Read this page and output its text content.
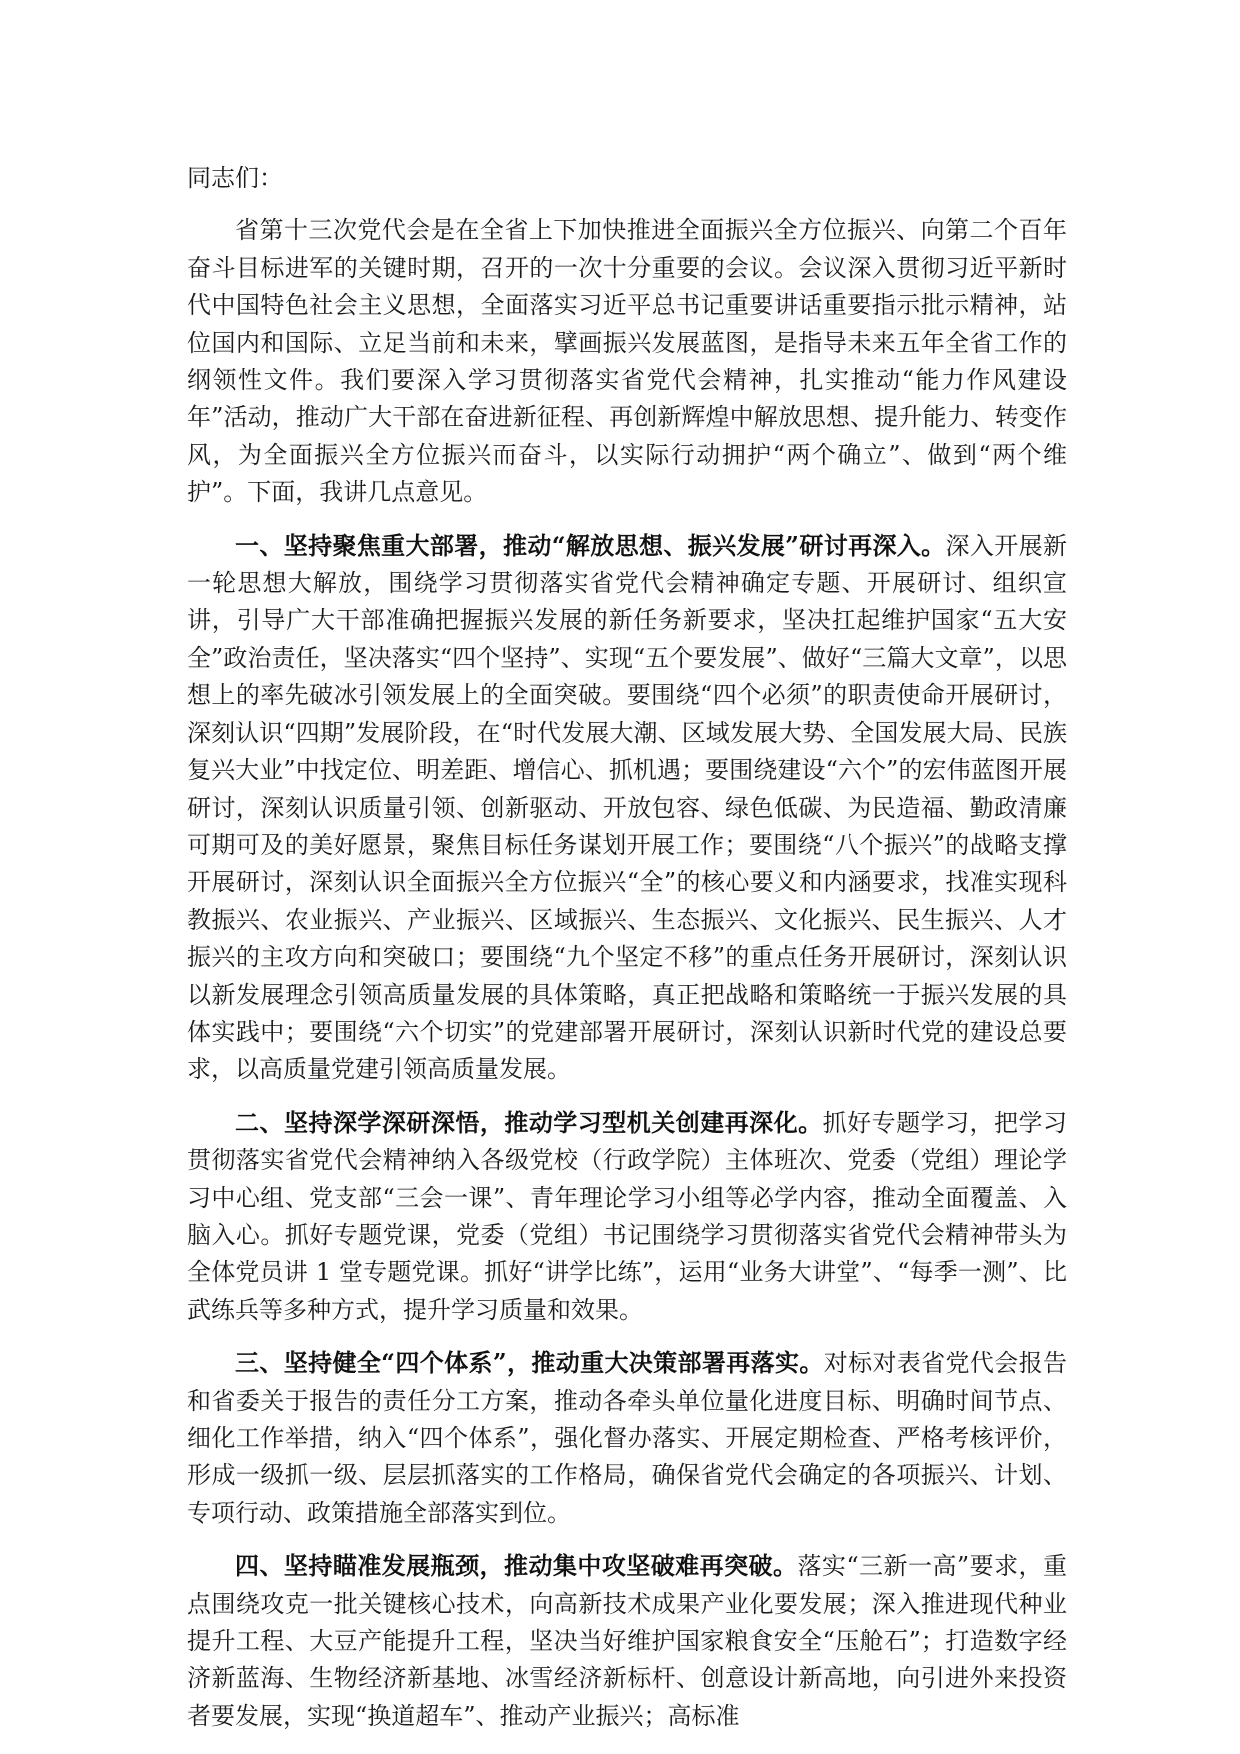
同志们：

省第十三次党代会是在全省上下加快推进全面振兴全方位振兴、向第二个百年奋斗目标进军的关键时期，召开的一次十分重要的会议。会议深入贯彻习近平新时代中国特色社会主义思想，全面落实习近平总书记重要讲话重要指示批示精神，站位国内和国际、立足当前和未来，擘画振兴发展蓝图，是指导未来五年全省工作的纲领性文件。我们要深入学习贯彻落实省党代会精神，扎实推动“能力作风建设年”活动，推动广大干部在奋进新征程、再创新辉煌中解放思想、提升能力、转变作风，为全面振兴全方位振兴而奋斗，以实际行动拥护“两个确立”、做到“两个维护”。下面，我讲几点意见。

一、坚持聚焦重大部署，推动“解放思想、振兴发展”研讨再深入。深入开展新一轮思想大解放，围绕学习贯彻落实省党代会精神确定专题、开展研讨、组织宣讲，引导广大干部准确把握振兴发展的新任务新要求，坚决扛起维护国家“五大安全”政治责任，坚决落实“四个坚持”、实现“五个要发展”、做好“三篇大文章”，以思想上的率先破冰引领发展上的全面突破。要围绕“四个必须”的职责使命开展研讨，深刻认识“四期”发展阶段，在“时代发展大潮、区域发展大势、全国发展大局、民族复兴大业”中找定位、明差距、增信心、抓机遇；要围绕建设“六个”的宏伟蓝图开展研讨，深刻认识质量引领、创新驱动、开放包容、绿色低碳、为民造福、勤政清廉可期可及的美好愿景，聚焦目标任务谋划开展工作；要围绕“八个振兴”的战略支撑开展研讨，深刻认识全面振兴全方位振兴“全”的核心要义和内涵要求，找准实现科教振兴、农业振兴、产业振兴、区域振兴、生态振兴、文化振兴、民生振兴、人才振兴的主攻方向和突破口；要围绕“九个坚定不移”的重点任务开展研讨，深刻认识以新发展理念引领高质量发展的具体策略，真正把战略和策略统一于振兴发展的具体实践中；要围绕“六个切实”的党建部署开展研讨，深刻认识新时代党的建设总要求，以高质量党建引领高质量发展。

二、坚持深学深研深悟，推动学习型机关创建再深化。抓好专题学习，把学习贯彻落实省党代会精神纳入各级党校（行政学院）主体班次、党委（党组）理论学习中心组、党支部“三会一课”、青年理论学习小组等必学内容，推动全面覆盖、入脑入心。抓好专题党课，党委（党组）书记围绕学习贯彻落实省党代会精神带头为全体党员讲 1 堂专题党课。抓好“讲学比练”，运用“业务大讲堂”、“每季一测”、比武练兵等多种方式，提升学习质量和效果。

三、坚持健全“四个体系”，推动重大决策部署再落实。对标对表省党代会报告和省委关于报告的责任分工方案，推动各牵头单位量化进度目标、明确时间节点、细化工作举措，纳入“四个体系”，强化督办落实、开展定期检查、严格考核评价，形成一级抓一级、层层抓落实的工作格局，确保省党代会确定的各项振兴、计划、专项行动、政策措施全部落实到位。

四、坚持瞄准发展瓶颈，推动集中攻坚破难再突破。落实“三新一高”要求，重点围绕攻克一批关键核心技术，向高新技术成果产业化要发展；深入推进现代种业提升工程、大豆产能提升工程，坚决当好维护国家粮食安全“压舱石”；打造数字经济新蓝海、生物经济新基地、冰雪经济新标杆、创意设计新高地，向引进外来投资者要发展，实现“换道超车”、推动产业振兴；高标准
